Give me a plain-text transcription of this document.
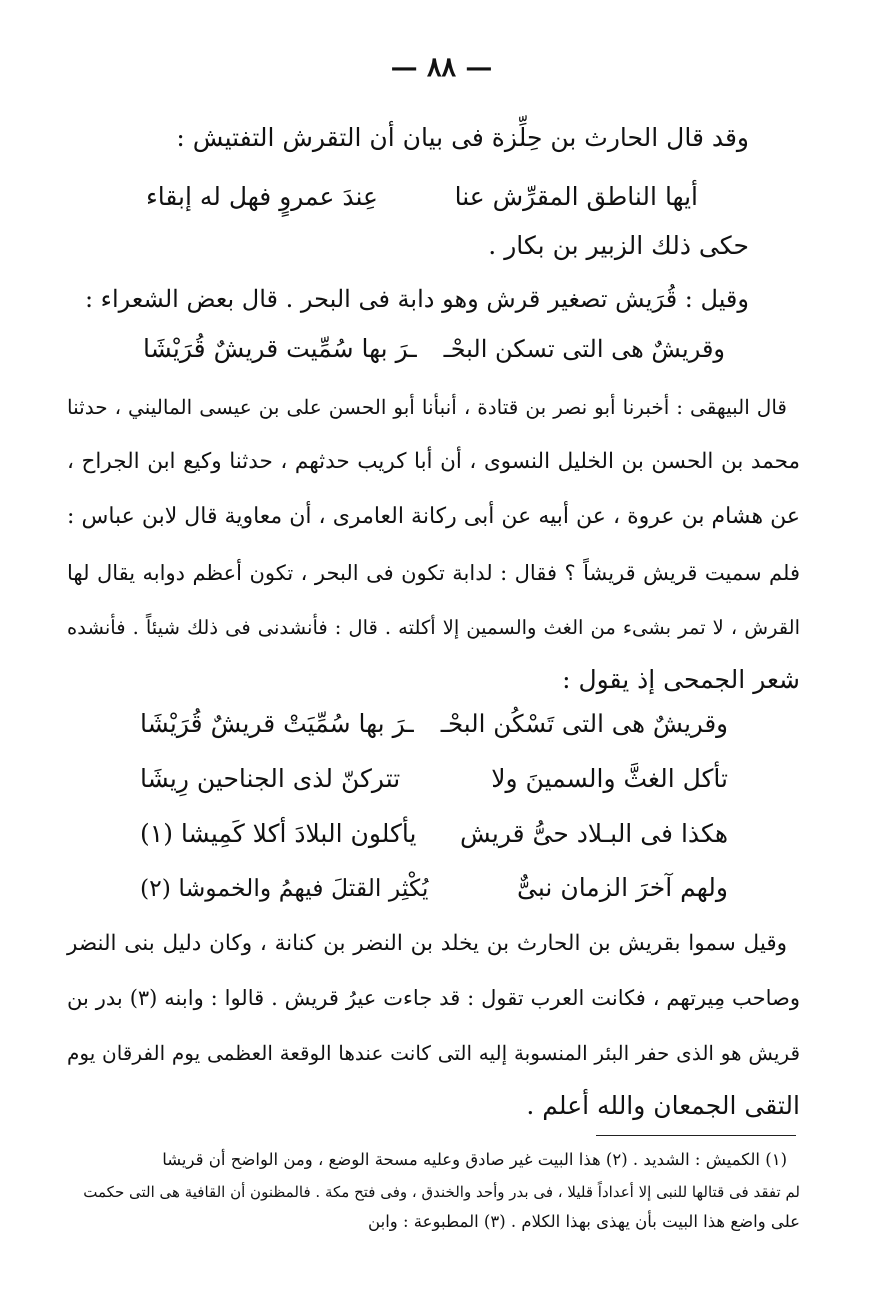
— ٨٨ —
وقد قال الحارث بن حِلِّزة فى بيان أن التقرش التفتيش :
أيها الناطق المقرِّش عنا
عِندَ عمروٍ فهل له إبقاء
حكى ذلك الزبير بن بكار .
وقيل : قُرَيش تصغير قرش وهو دابة فى البحر . قال بعض الشعراء :
وقريشٌ هى التى تسكن البحْـ
ـرَ بها سُمِّيت قريشٌ قُرَيْشَا
قال البيهقى : أخبرنا أبو نصر بن قتادة ، أنبأنا أبو الحسن على بن عيسى الماليني ، حدثنا
محمد بن الحسن بن الخليل النسوى ، أن أبا كريب حدثهم ، حدثنا وكيع ابن الجراح ،
عن هشام بن عروة ، عن أبيه عن أبى ركانة العامرى ، أن معاوية قال لابن عباس :
فلم سميت قريش قريشاً ؟ فقال : لدابة تكون فى البحر ، تكون أعظم دوابه يقال لها
القرش ، لا تمر بشىء من الغث والسمين إلا أكلته . قال : فأنشدنى فى ذلك شيئاً . فأنشده
شعر الجمحى إذ يقول :
وقريشٌ هى التى تَسْكُن البحْـ
ـرَ بها سُمِّيَتْ قريشٌ قُرَيْشَا
تأكل الغثَّ والسمينَ ولا
تتركنّ لذى الجناحين رِيشَا
هكذا فى البـلاد حىُّ قريش
يأكلون البلادَ أكلا كَمِيشا (١)
ولهم آخرَ الزمان نبىٌّ
يُكْثِر القتلَ فيهمُ والخموشا (٢)
وقيل سموا بقريش بن الحارث بن يخلد بن النضر بن كنانة ، وكان دليل بنى النضر
وصاحب مِيرتهم ، فكانت العرب تقول : قد جاءت عيرُ قريش . قالوا : وابنه (٣) بدر بن
قريش هو الذى حفر البئر المنسوبة إليه التى كانت عندها الوقعة العظمى يوم الفرقان يوم
التقى الجمعان والله أعلم .
(١) الكميش : الشديد . (٢) هذا البيت غير صادق وعليه مسحة الوضع ، ومن الواضح أن قريشا
لم تفقد فى قتالها للنبى إلا أعداداً قليلا ، فى بدر وأحد والخندق ، وفى فتح مكة . فالمظنون أن القافية هى التى حكمت
على واضع هذا البيت بأن يهذى بهذا الكلام . (٣) المطبوعة : وابن
